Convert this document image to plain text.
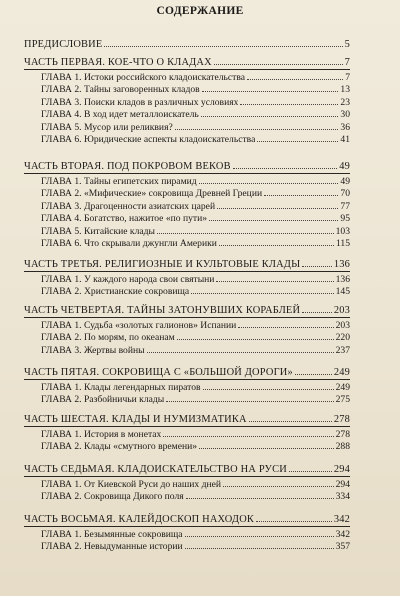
СОДЕРЖАНИЕ
ПРЕДИСЛОВИЕ	5
ЧАСТЬ ПЕРВАЯ. КОЕ-ЧТО О КЛАДАХ	7
ГЛАВА 1. Истоки российского кладоискательства	7
ГЛАВА 2. Тайны заговоренных кладов	13
ГЛАВА 3. Поиски кладов в различных условиях	23
ГЛАВА 4. В ход идет металлоискатель	30
ГЛАВА 5. Мусор или реликвия?	36
ГЛАВА 6. Юридические аспекты кладоискательства	41
ЧАСТЬ ВТОРАЯ. ПОД ПОКРОВОМ ВЕКОВ	49
ГЛАВА 1. Тайны египетских пирамид	49
ГЛАВА 2. «Мифические» сокровища Древней Греции	70
ГЛАВА 3. Драгоценности азиатских царей	77
ГЛАВА 4. Богатство, нажитое «по пути»	95
ГЛАВА 5. Китайские клады	103
ГЛАВА 6. Что скрывали джунгли Америки	115
ЧАСТЬ ТРЕТЬЯ. РЕЛИГИОЗНЫЕ И КУЛЬТОВЫЕ КЛАДЫ	136
ГЛАВА 1. У каждого народа свои святыни	136
ГЛАВА 2. Христианские сокровища	145
ЧАСТЬ ЧЕТВЕРТАЯ. ТАЙНЫ ЗАТОНУВШИХ КОРАБЛЕЙ	203
ГЛАВА 1. Судьба «золотых галионов» Испании	203
ГЛАВА 2. По морям, по океанам	220
ГЛАВА 3. Жертвы войны	237
ЧАСТЬ ПЯТАЯ. СОКРОВИЩА С «БОЛЬШОЙ ДОРОГИ»	249
ГЛАВА 1. Клады легендарных пиратов	249
ГЛАВА 2. Разбойничьи клады	275
ЧАСТЬ ШЕСТАЯ. КЛАДЫ И НУМИЗМАТИКА	278
ГЛАВА 1. История в монетах	278
ГЛАВА 2. Клады «смутного времени»	288
ЧАСТЬ СЕДЬМАЯ. КЛАДОИСКАТЕЛЬСТВО НА РУСИ	294
ГЛАВА 1. От Киевской Руси до наших дней	294
ГЛАВА 2. Сокровища Дикого поля	334
ЧАСТЬ ВОСЬМАЯ. КАЛЕЙДОСКОП НАХОДОК	342
ГЛАВА 1. Безымянные сокровища	342
ГЛАВА 2. Невыдуманные истории	357
